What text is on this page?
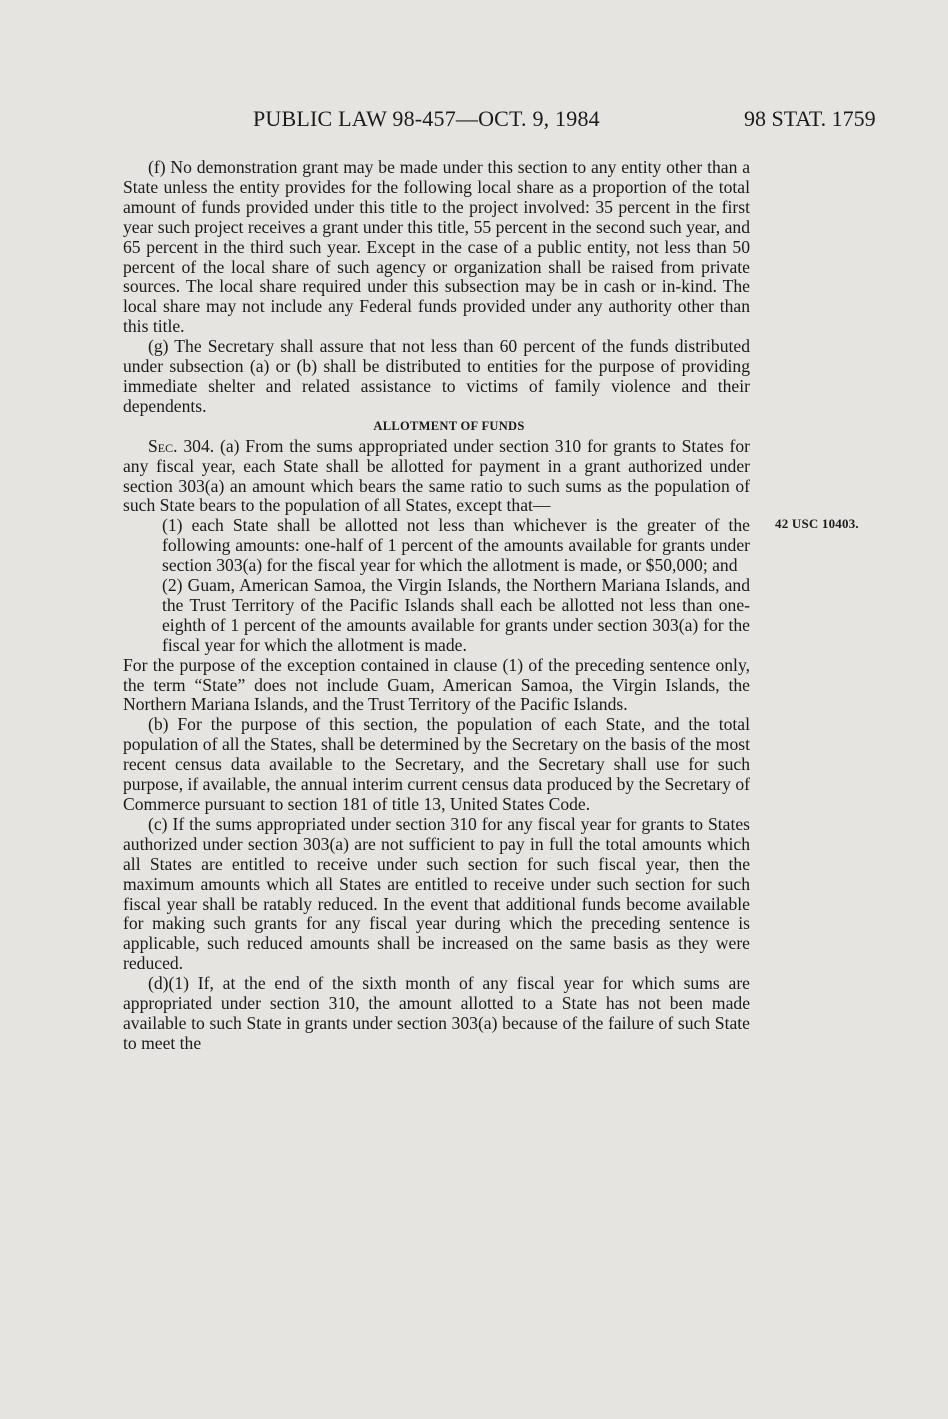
PUBLIC LAW 98-457—OCT. 9, 1984	98 STAT. 1759
42 USC 10403.

(f) No demonstration grant may be made under this section to any entity other than a State unless the entity provides for the following local share as a proportion of the total amount of funds provided under this title to the project involved: 35 percent in the first year such project receives a grant under this title, 55 percent in the second such year, and 65 percent in the third such year. Except in the case of a public entity, not less than 50 percent of the local share of such agency or organization shall be raised from private sources. The local share required under this subsection may be in cash or in-kind. The local share may not include any Federal funds provided under any authority other than this title.

(g) The Secretary shall assure that not less than 60 percent of the funds distributed under subsection (a) or (b) shall be distributed to entities for the purpose of providing immediate shelter and related assistance to victims of family violence and their dependents.

ALLOTMENT OF FUNDS

Sec. 304. (a) From the sums appropriated under section 310 for grants to States for any fiscal year, each State shall be allotted for payment in a grant authorized under section 303(a) an amount which bears the same ratio to such sums as the population of such State bears to the population of all States, except that—

(1) each State shall be allotted not less than whichever is the greater of the following amounts: one-half of 1 percent of the amounts available for grants under section 303(a) for the fiscal year for which the allotment is made, or $50,000; and

(2) Guam, American Samoa, the Virgin Islands, the Northern Mariana Islands, and the Trust Territory of the Pacific Islands shall each be allotted not less than one-eighth of 1 percent of the amounts available for grants under section 303(a) for the fiscal year for which the allotment is made.

For the purpose of the exception contained in clause (1) of the preceding sentence only, the term “State” does not include Guam, American Samoa, the Virgin Islands, the Northern Mariana Islands, and the Trust Territory of the Pacific Islands.

(b) For the purpose of this section, the population of each State, and the total population of all the States, shall be determined by the Secretary on the basis of the most recent census data available to the Secretary, and the Secretary shall use for such purpose, if available, the annual interim current census data produced by the Secretary of Commerce pursuant to section 181 of title 13, United States Code.

(c) If the sums appropriated under section 310 for any fiscal year for grants to States authorized under section 303(a) are not sufficient to pay in full the total amounts which all States are entitled to receive under such section for such fiscal year, then the maximum amounts which all States are entitled to receive under such section for such fiscal year shall be ratably reduced. In the event that additional funds become available for making such grants for any fiscal year during which the preceding sentence is applicable, such reduced amounts shall be increased on the same basis as they were reduced.

(d)(1) If, at the end of the sixth month of any fiscal year for which sums are appropriated under section 310, the amount allotted to a State has not been made available to such State in grants under section 303(a) because of the failure of such State to meet the
